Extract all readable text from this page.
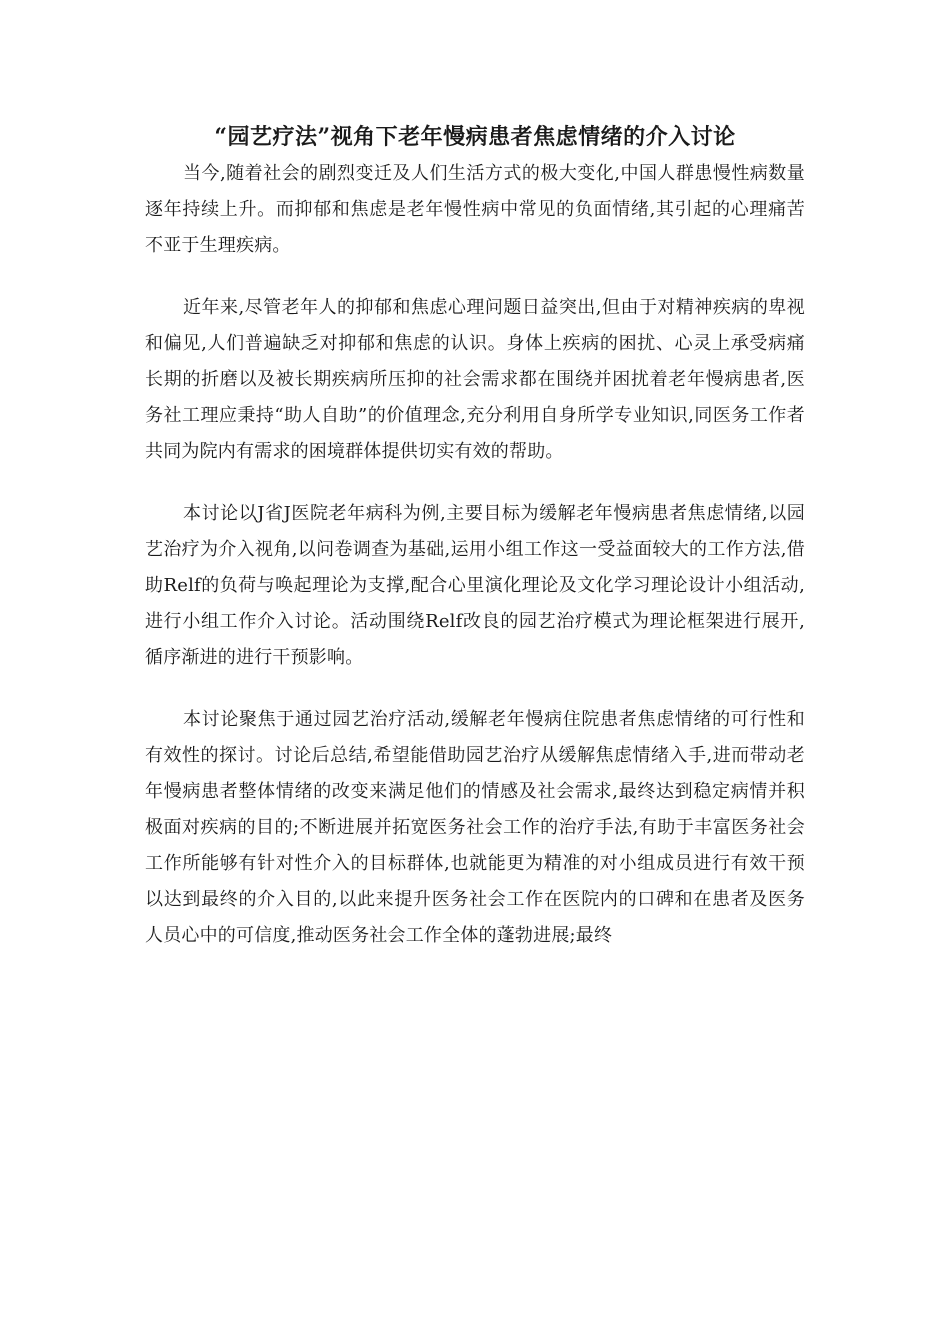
“园艺疗法”视角下老年慢病患者焦虑情绪的介入讨论

当今,随着社会的剧烈变迁及人们生活方式的极大变化,中国人群患慢性病数量逐年持续上升。而抑郁和焦虑是老年慢性病中常见的负面情绪,其引起的心理痛苦不亚于生理疾病。

近年来,尽管老年人的抑郁和焦虑心理问题日益突出,但由于对精神疾病的卑视和偏见,人们普遍缺乏对抑郁和焦虑的认识。身体上疾病的困扰、心灵上承受病痛长期的折磨以及被长期疾病所压抑的社会需求都在围绕并困扰着老年慢病患者,医务社工理应秉持“助人自助”的价值理念,充分利用自身所学专业知识,同医务工作者共同为院内有需求的困境群体提供切实有效的帮助。

本讨论以J省J医院老年病科为例,主要目标为缓解老年慢病患者焦虑情绪,以园艺治疗为介入视角,以问卷调查为基础,运用小组工作这一受益面较大的工作方法,借助Relf的负荷与唤起理论为支撑,配合心里演化理论及文化学习理论设计小组活动,进行小组工作介入讨论。活动围绕Relf改良的园艺治疗模式为理论框架进行展开,循序渐进的进行干预影响。

本讨论聚焦于通过园艺治疗活动,缓解老年慢病住院患者焦虑情绪的可行性和有效性的探讨。讨论后总结,希望能借助园艺治疗从缓解焦虑情绪入手,进而带动老年慢病患者整体情绪的改变来满足他们的情感及社会需求,最终达到稳定病情并积极面对疾病的目的;不断进展并拓宽医务社会工作的治疗手法,有助于丰富医务社会工作所能够有针对性介入的目标群体,也就能更为精准的对小组成员进行有效干预以达到最终的介入目的,以此来提升医务社会工作在医院内的口碑和在患者及医务人员心中的可信度,推动医务社会工作全体的蓬勃进展;最终
